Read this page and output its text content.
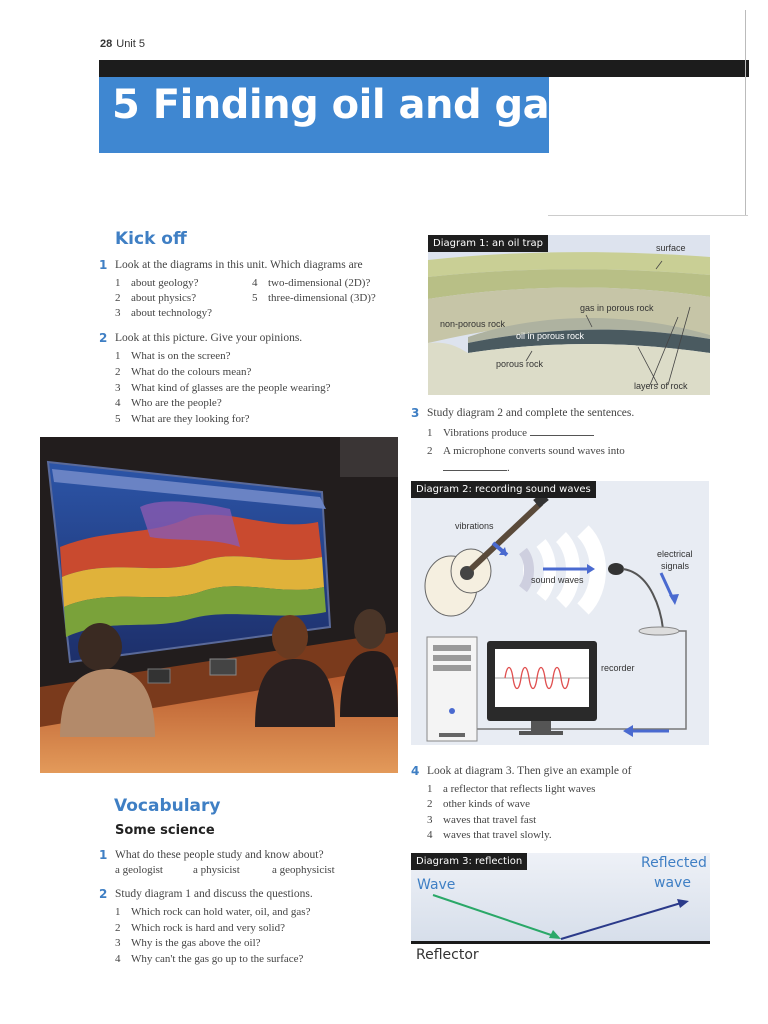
28 Unit 5
5 Finding oil and gas
Kick off
1 Look at the diagrams in this unit. Which diagrams are
1 about geology?
2 about physics?
3 about technology?
4 two-dimensional (2D)?
5 three-dimensional (3D)?
2 Look at this picture. Give your opinions.
1 What is on the screen?
2 What do the colours mean?
3 What kind of glasses are the people wearing?
4 Who are the people?
5 What are they looking for?
Vocabulary
Some science
1 What do these people study and know about?
a geologist	a physicist	a geophysicist
2 Study diagram 1 and discuss the questions.
1 Which rock can hold water, oil, and gas?
2 Which rock is hard and very solid?
3 Why is the gas above the oil?
4 Why can't the gas go up to the surface?
surface
gas in porous rock
non-porous rock
oil in porous rock
porous rock
layers of rock
Diagram 1: an oil trap
3 Study diagram 2 and complete the sentences.
1 Vibrations produce
2 A microphone converts sound waves into
.
vibrations
electrical
signals
sound waves
recorder
Diagram 2: recording sound waves
4 Look at diagram 3. Then give an example of
1 a reflector that reflects light waves
2 other kinds of wave
3 waves that travel fast
4 waves that travel slowly.
Wave
Reflected
wave
Reflector
Diagram 3: reflection
